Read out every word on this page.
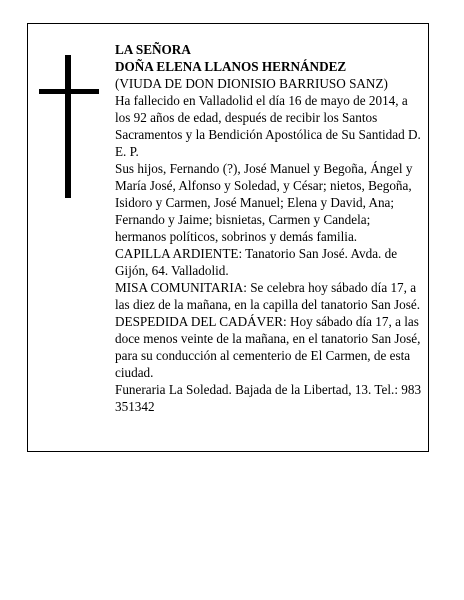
LA SEÑORA

DOÑA ELENA LLANOS HERNÁNDEZ

(VIUDA DE DON DIONISIO BARRIUSO SANZ)

Ha fallecido en Valladolid el día 16 de mayo de 2014, a los 92 años de edad, después de recibir los Santos Sacramentos y la Bendición Apostólica de Su Santidad D. E. P.

Sus hijos, Fernando (?), José Manuel y Begoña, Ángel y María José, Alfonso y Soledad, y César; nietos, Begoña, Isidoro y Carmen, José Manuel; Elena y David, Ana; Fernando y Jaime; bisnietas, Carmen y Candela; hermanos políticos, sobrinos y demás familia.

CAPILLA ARDIENTE: Tanatorio San José. Avda. de Gijón, 64. Valladolid.

MISA COMUNITARIA: Se celebra hoy sábado día 17, a las diez de la mañana, en la capilla del tanatorio San José.

DESPEDIDA DEL CADÁVER: Hoy sábado día 17, a las doce menos veinte de la mañana, en el tanatorio San José, para su conducción al cementerio de El Carmen, de esta ciudad.

Funeraria La Soledad. Bajada de la Libertad, 13. Tel.: 983 351342
